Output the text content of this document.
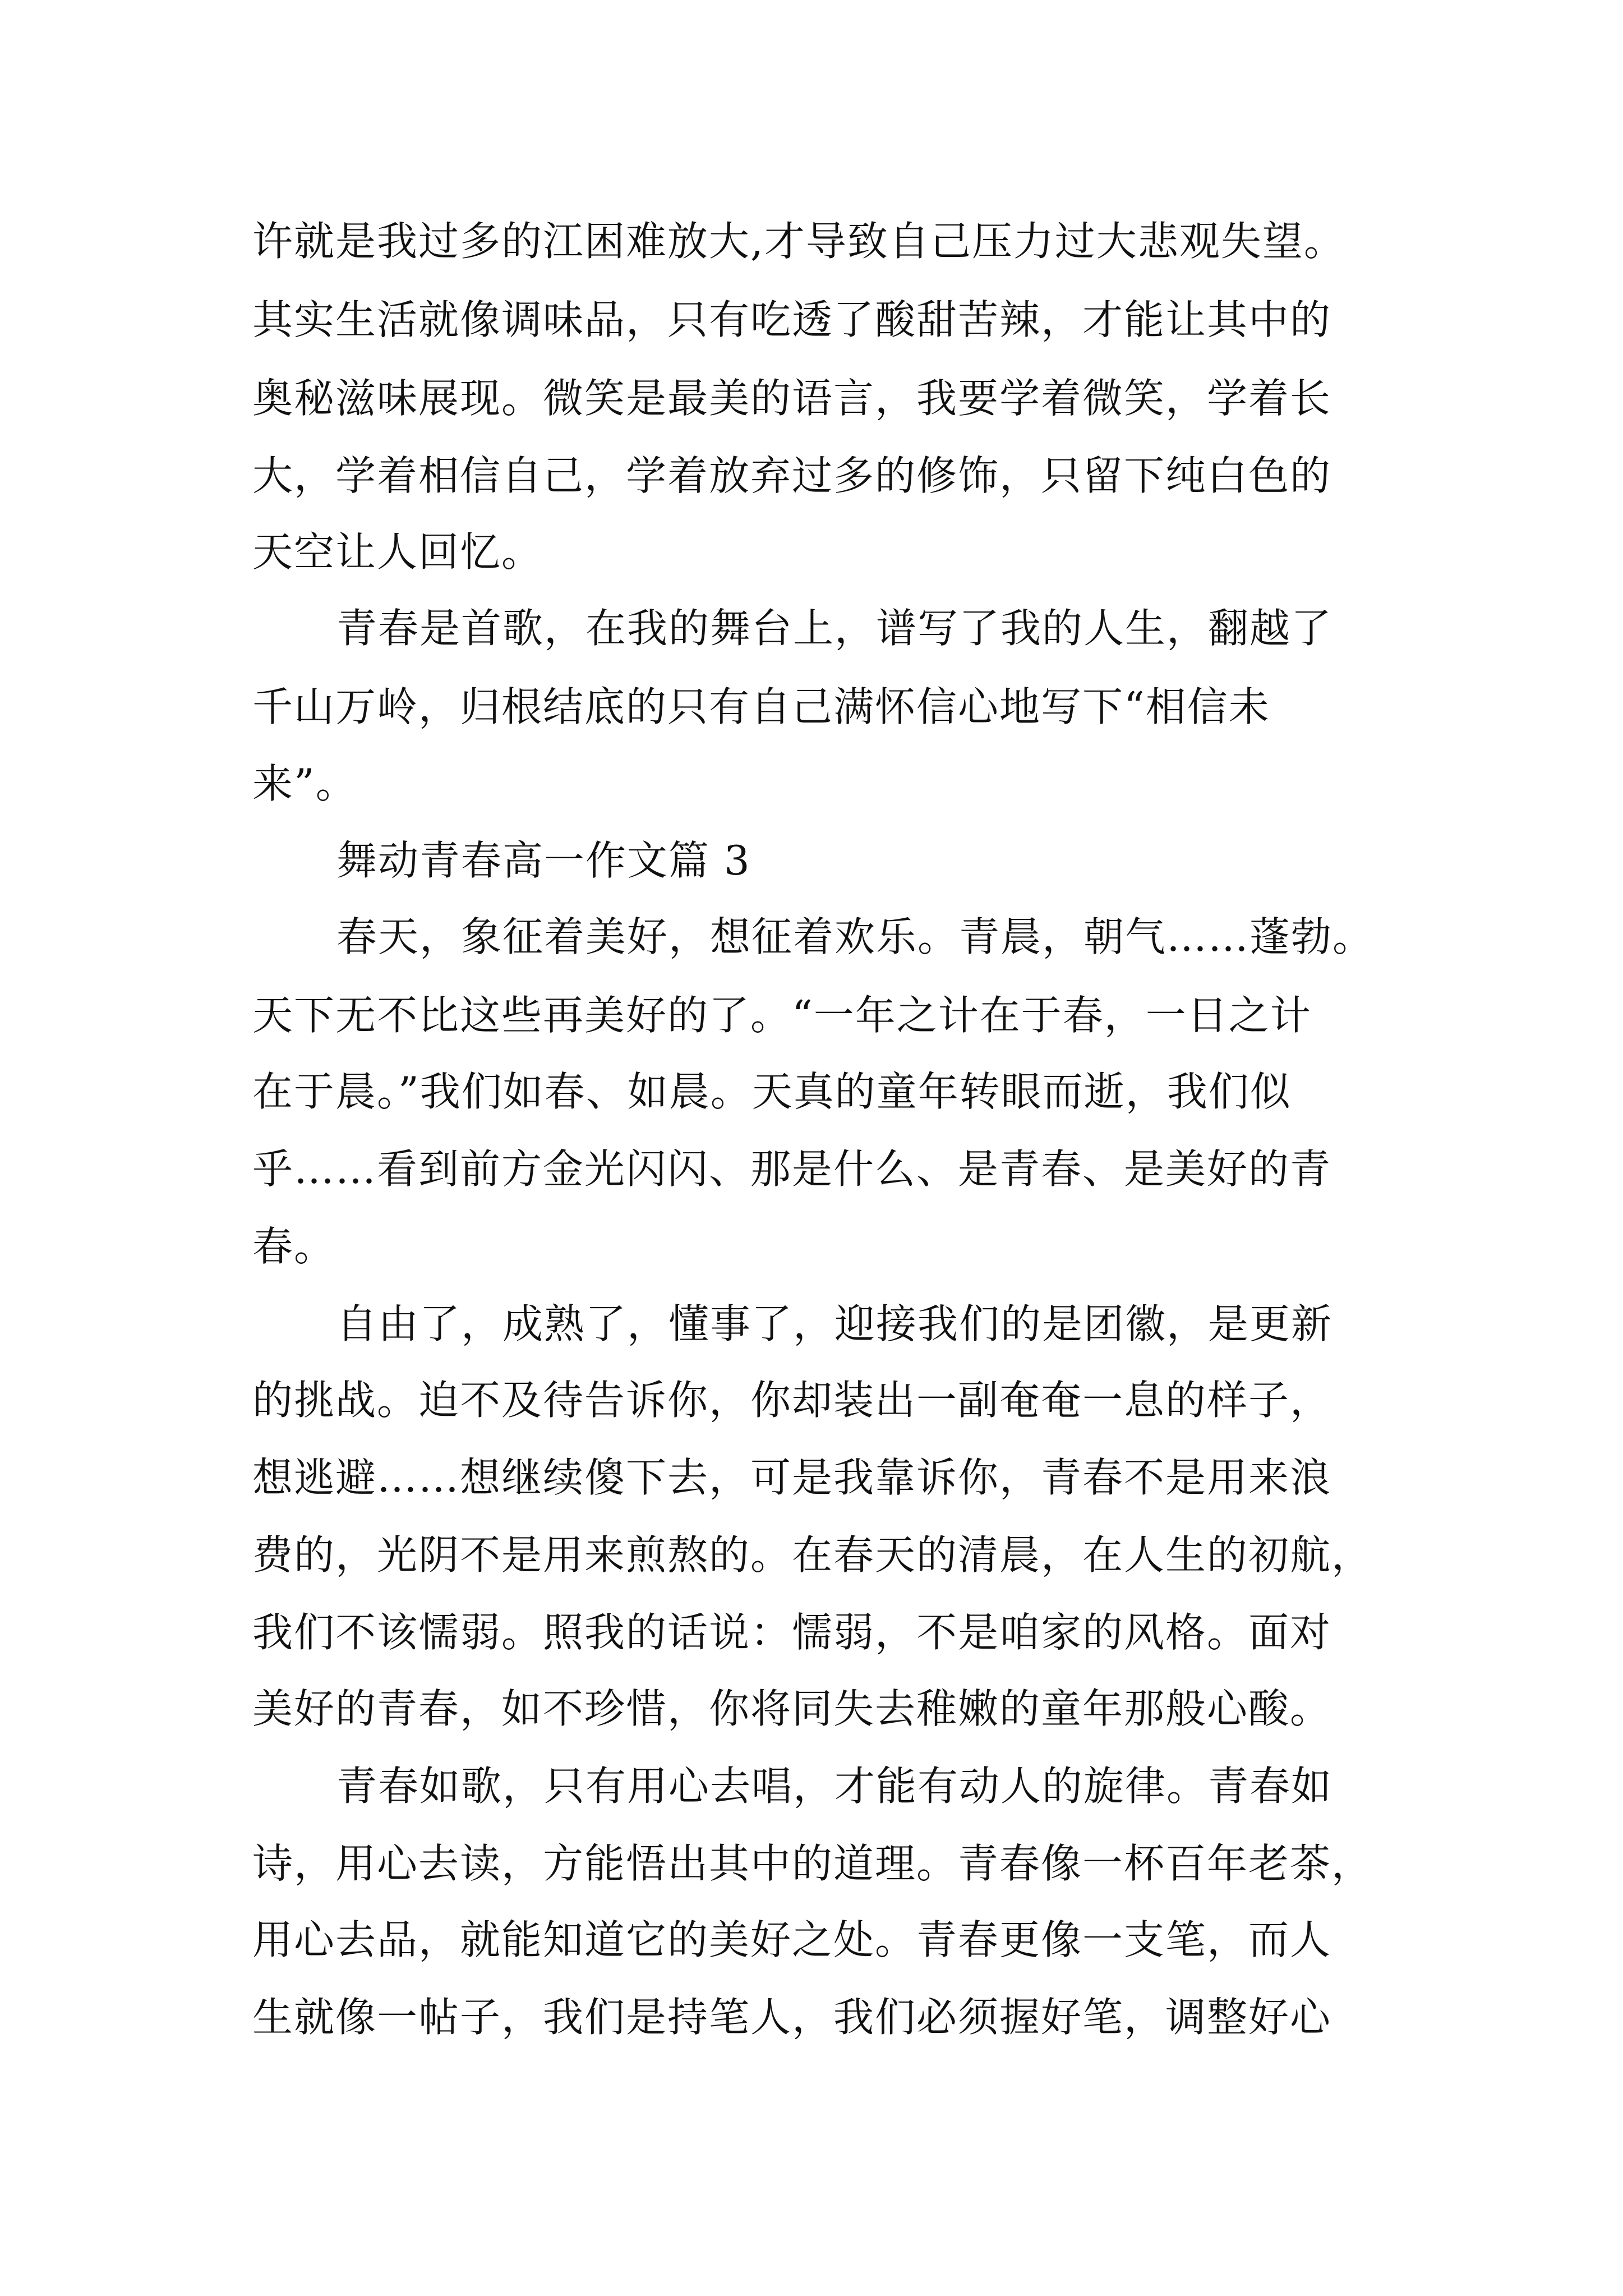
许就是我过多的江困难放大,才导致自己压力过大悲观失望。
其实生活就像调味品，只有吃透了酸甜苦辣，才能让其中的
奥秘滋味展现。微笑是最美的语言，我要学着微笑，学着长
大，学着相信自己，学着放弃过多的修饰，只留下纯白色的
天空让人回忆。
青春是首歌，在我的舞台上，谱写了我的人生，翻越了
千山万岭，归根结底的只有自己满怀信心地写下“相信未
来”。
舞动青春高一作文篇 3
春天，象征着美好，想征着欢乐。青晨，朝气……蓬勃。
天下无不比这些再美好的了。“一年之计在于春，一日之计
在于晨。”我们如春、如晨。天真的童年转眼而逝，我们似
乎……看到前方金光闪闪、那是什么、是青春、是美好的青
春。
自由了，成熟了，懂事了，迎接我们的是团徽，是更新
的挑战。迫不及待告诉你，你却装出一副奄奄一息的样子，
想逃避……想继续傻下去，可是我靠诉你，青春不是用来浪
费的，光阴不是用来煎熬的。在春天的清晨，在人生的初航，
我们不该懦弱。照我的话说：懦弱，不是咱家的风格。面对
美好的青春，如不珍惜，你将同失去稚嫩的童年那般心酸。
青春如歌，只有用心去唱，才能有动人的旋律。青春如
诗，用心去读，方能悟出其中的道理。青春像一杯百年老茶，
用心去品，就能知道它的美好之处。青春更像一支笔，而人
生就像一帖子，我们是持笔人，我们必须握好笔，调整好心
